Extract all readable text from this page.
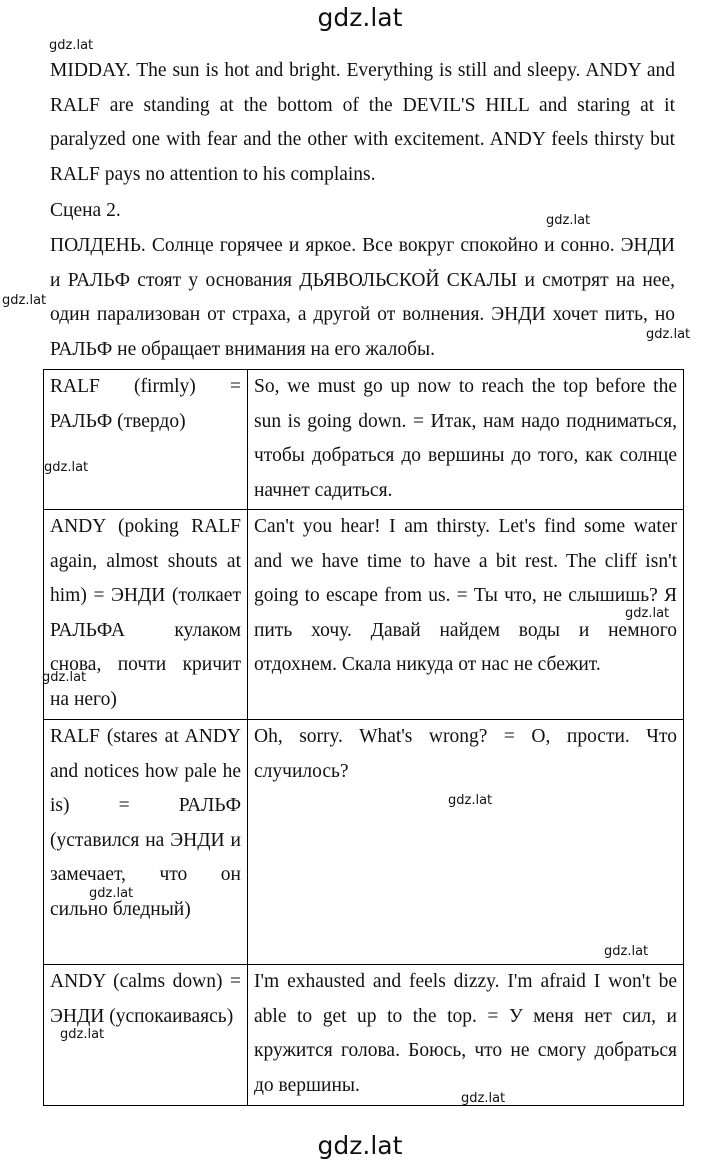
gdz.lat

MIDDAY. The sun is hot and bright. Everything is still and sleepy. ANDY and RALF are standing at the bottom of the DEVIL'S HILL and staring at it paralyzed one with fear and the other with excitement. ANDY feels thirsty but RALF pays no attention to his complains.

Сцена 2.

ПОЛДЕНЬ. Солнце горячее и яркое. Все вокруг спокойно и сонно. ЭНДИ и РАЛЬФ стоят у основания ДЬЯВОЛЬСКОЙ СКАЛЫ и смотрят на нее, один парализован от страха, а другой от волнения. ЭНДИ хочет пить, но РАЛЬФ не обращает внимания на его жалобы.

RALF (firmly) = РАЛЬФ (твердо)	So, we must go up now to reach the top before the sun is going down. = Итак, нам надо подниматься, чтобы добраться до вершины до того, как солнце начнет садиться.
ANDY (poking RALF again, almost shouts at him) = ЭНДИ (толкает РАЛЬФА кулаком снова, почти кричит на него)	Can't you hear! I am thirsty. Let's find some water and we have time to have a bit rest. The cliff isn't going to escape from us. = Ты что, не слышишь? Я пить хочу. Давай найдем воды и немного отдохнем. Скала никуда от нас не сбежит.
RALF (stares at ANDY and notices how pale he is) = РАЛЬФ (уставился на ЭНДИ и замечает, что он сильно бледный)	Oh, sorry. What's wrong? = О, прости. Что случилось?
ANDY (calms down) = ЭНДИ (успокаиваясь)	I'm exhausted and feels dizzy. I'm afraid I won't be able to get up to the top. = У меня нет сил, и кружится голова. Боюсь, что не смогу добраться до вершины.
gdz.lat
gdz.lat
gdz.lat
gdz.lat
gdz.lat
gdz.lat
gdz.lat
gdz.lat
gdz.lat
gdz.lat
gdz.lat
gdz.lat
gdz.lat
